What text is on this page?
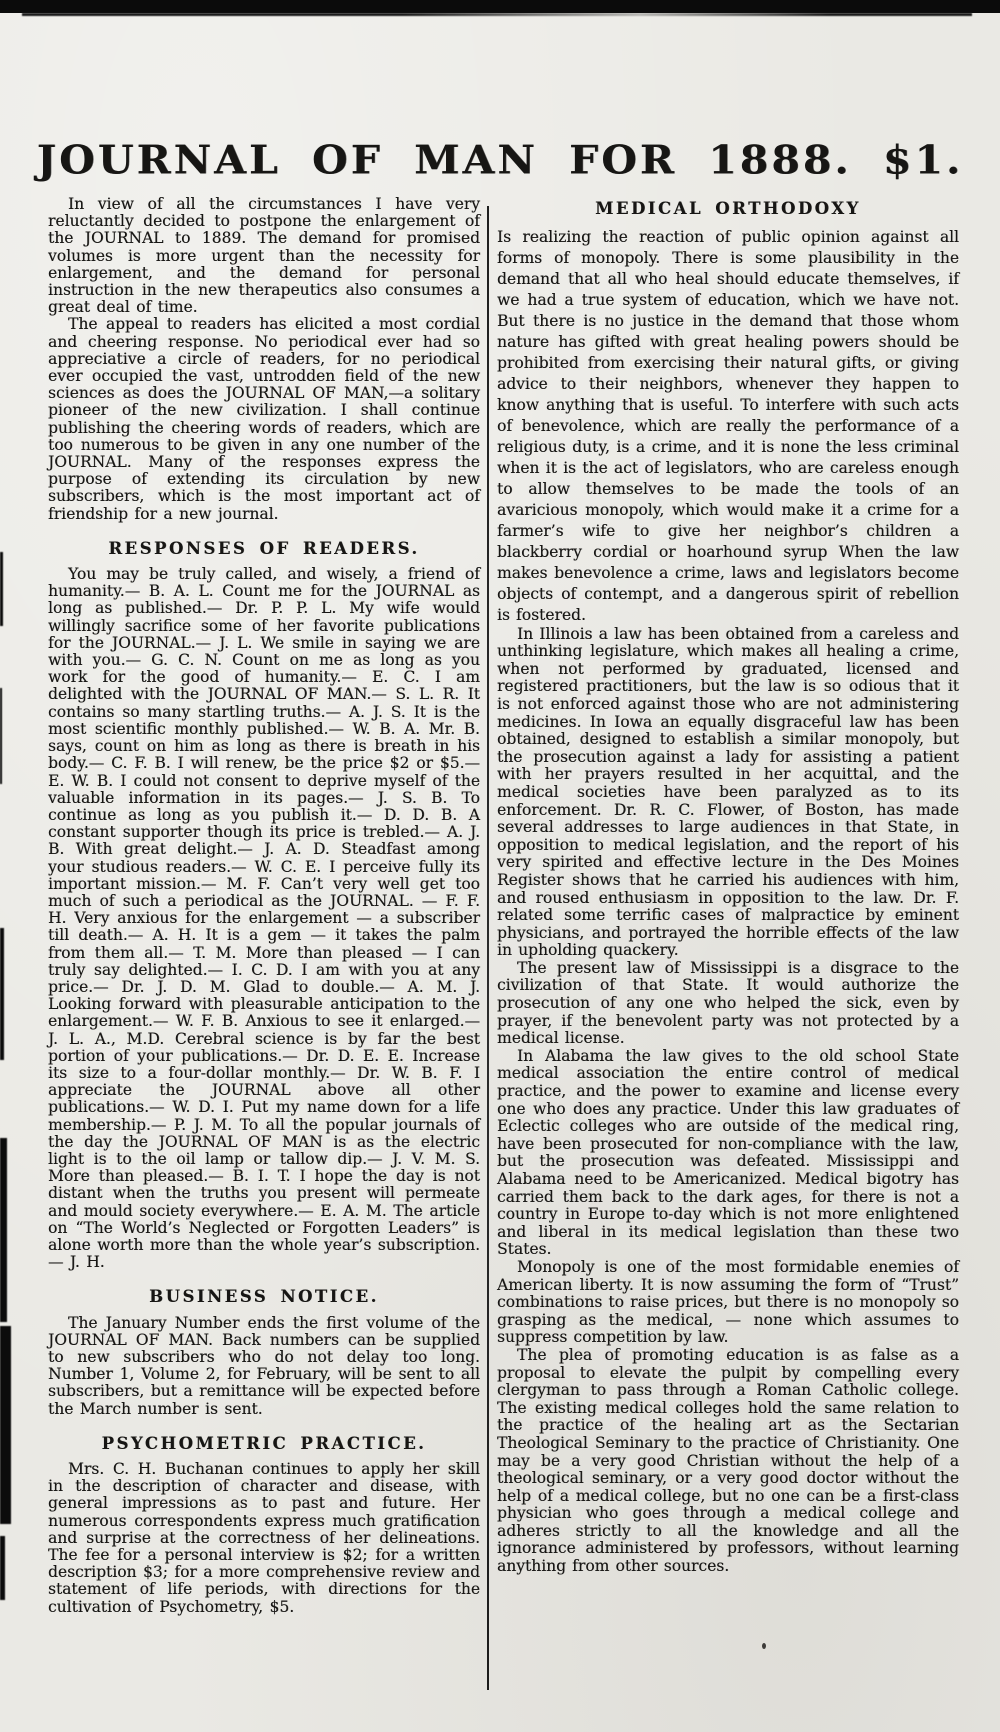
JOURNAL OF MAN FOR 1888. $1.

In view of all the circumstances I have very reluctantly decided to postpone the enlargement of the JOURNAL to 1889. The demand for promised volumes is more urgent than the necessity for enlargement, and the demand for personal instruction in the new therapeutics also consumes a great deal of time.

The appeal to readers has elicited a most cordial and cheering response. No periodical ever had so appreciative a circle of readers, for no periodical ever occupied the vast, untrodden field of the new sciences as does the JOURNAL OF MAN,—a solitary pioneer of the new civilization. I shall continue publishing the cheering words of readers, which are too numerous to be given in any one number of the JOURNAL. Many of the responses express the purpose of extending its circulation by new subscribers, which is the most important act of friendship for a new journal.

RESPONSES OF READERS.

You may be truly called, and wisely, a friend of humanity.— B. A. L. Count me for the JOURNAL as long as published.— Dr. P. P. L. My wife would willingly sacrifice some of her favorite publications for the JOURNAL.— J. L. We smile in saying we are with you.— G. C. N. Count on me as long as you work for the good of humanity.— E. C. I am delighted with the JOURNAL OF MAN.— S. L. R. It contains so many startling truths.— A. J. S. It is the most scientific monthly published.— W. B. A. Mr. B. says, count on him as long as there is breath in his body.— C. F. B. I will renew, be the price $2 or $5.— E. W. B. I could not consent to deprive myself of the valuable information in its pages.— J. S. B. To continue as long as you publish it.— D. D. B. A constant supporter though its price is trebled.— A. J. B. With great delight.— J. A. D. Steadfast among your studious readers.— W. C. E. I perceive fully its important mission.— M. F. Can’t very well get too much of such a periodical as the JOURNAL. — F. F. H. Very anxious for the enlargement — a subscriber till death.— A. H. It is a gem — it takes the palm from them all.— T. M. More than pleased — I can truly say delighted.— I. C. D. I am with you at any price.— Dr. J. D. M. Glad to double.— A. M. J. Looking forward with pleasurable anticipation to the enlargement.— W. F. B. Anxious to see it enlarged.— J. L. A., M.D. Cerebral science is by far the best portion of your publications.— Dr. D. E. E. Increase its size to a four-dollar monthly.— Dr. W. B. F. I appreciate the JOURNAL above all other publications.— W. D. I. Put my name down for a life membership.— P. J. M. To all the popular journals of the day the JOURNAL OF MAN is as the electric light is to the oil lamp or tallow dip.— J. V. M. S. More than pleased.— B. I. T. I hope the day is not distant when the truths you present will permeate and mould society everywhere.— E. A. M. The article on “The World’s Neglected or Forgotten Leaders” is alone worth more than the whole year’s subscription.— J. H.

BUSINESS NOTICE.

The January Number ends the first volume of the JOURNAL OF MAN. Back numbers can be supplied to new subscribers who do not delay too long. Number 1, Volume 2, for February, will be sent to all subscribers, but a remittance will be expected before the March number is sent.

PSYCHOMETRIC PRACTICE.

Mrs. C. H. Buchanan continues to apply her skill in the description of character and disease, with general impressions as to past and future. Her numerous correspondents express much gratification and surprise at the correctness of her delineations. The fee for a personal interview is $2; for a written description $3; for a more comprehensive review and statement of life periods, with directions for the cultivation of Psychometry, $5.

MEDICAL ORTHODOXY

Is realizing the reaction of public opinion against all forms of monopoly. There is some plausibility in the demand that all who heal should educate themselves, if we had a true system of education, which we have not. But there is no justice in the demand that those whom nature has gifted with great healing powers should be prohibited from exercising their natural gifts, or giving advice to their neighbors, whenever they happen to know anything that is useful. To interfere with such acts of benevolence, which are really the performance of a religious duty, is a crime, and it is none the less criminal when it is the act of legislators, who are careless enough to allow themselves to be made the tools of an avaricious monopoly, which would make it a crime for a farmer’s wife to give her neighbor’s children a blackberry cordial or hoarhound syrup When the law makes benevolence a crime, laws and legislators become objects of contempt, and a dangerous spirit of rebellion is fostered.

In Illinois a law has been obtained from a careless and unthinking legislature, which makes all healing a crime, when not performed by graduated, licensed and registered practitioners, but the law is so odious that it is not enforced against those who are not administering medicines. In Iowa an equally disgraceful law has been obtained, designed to establish a similar monopoly, but the prosecution against a lady for assisting a patient with her prayers resulted in her acquittal, and the medical societies have been paralyzed as to its enforcement. Dr. R. C. Flower, of Boston, has made several addresses to large audiences in that State, in opposition to medical legislation, and the report of his very spirited and effective lecture in the Des Moines Register shows that he carried his audiences with him, and roused enthusiasm in opposition to the law. Dr. F. related some terrific cases of malpractice by eminent physicians, and portrayed the horrible effects of the law in upholding quackery.

The present law of Mississippi is a disgrace to the civilization of that State. It would authorize the prosecution of any one who helped the sick, even by prayer, if the benevolent party was not protected by a medical license.

In Alabama the law gives to the old school State medical association the entire control of medical practice, and the power to examine and license every one who does any practice. Under this law graduates of Eclectic colleges who are outside of the medical ring, have been prosecuted for non-compliance with the law, but the prosecution was defeated. Mississippi and Alabama need to be Americanized. Medical bigotry has carried them back to the dark ages, for there is not a country in Europe to-day which is not more enlightened and liberal in its medical legislation than these two States.

Monopoly is one of the most formidable enemies of American liberty. It is now assuming the form of “Trust” combinations to raise prices, but there is no monopoly so grasping as the medical, — none which assumes to suppress competition by law.

The plea of promoting education is as false as a proposal to elevate the pulpit by compelling every clergyman to pass through a Roman Catholic college. The existing medical colleges hold the same relation to the practice of the healing art as the Sectarian Theological Seminary to the practice of Christianity. One may be a very good Christian without the help of a theological seminary, or a very good doctor without the help of a medical college, but no one can be a first-class physician who goes through a medical college and adheres strictly to all the knowledge and all the ignorance administered by professors, without learning anything from other sources.
